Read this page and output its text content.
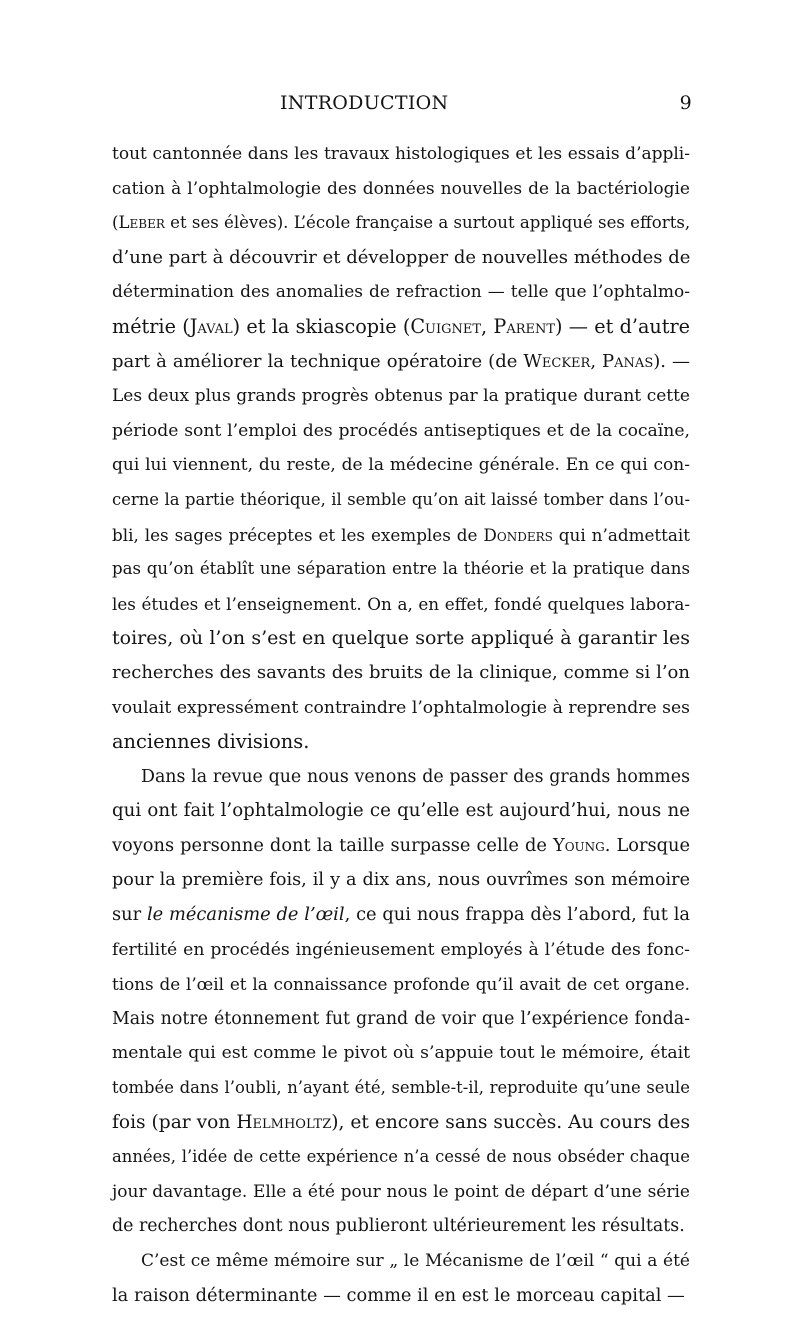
INTRODUCTION	9
tout cantonnée dans les travaux histologiques et les essais d’appli-
cation à l’ophtalmologie des données nouvelles de la bactériologie
(Leber et ses élèves). L’école française a surtout appliqué ses efforts,
d’une part à découvrir et développer de nouvelles méthodes de
détermination des anomalies de refraction — telle que l’ophtalmo-
métrie (Javal) et la skiascopie (Cuignet, Parent) — et d’autre
part à améliorer la technique opératoire (de Wecker, Panas). —
Les deux plus grands progrès obtenus par la pratique durant cette
période sont l’emploi des procédés antiseptiques et de la cocaïne,
qui lui viennent, du reste, de la médecine générale. En ce qui con-
cerne la partie théorique, il semble qu’on ait laissé tomber dans l’ou-
bli, les sages préceptes et les exemples de Donders qui n’admettait
pas qu’on établît une séparation entre la théorie et la pratique dans
les études et l’enseignement. On a, en effet, fondé quelques labora-
toires, où l’on s’est en quelque sorte appliqué à garantir les
recherches des savants des bruits de la clinique, comme si l’on
voulait expressément contraindre l’ophtalmologie à reprendre ses
anciennes divisions.
Dans la revue que nous venons de passer des grands hommes
qui ont fait l’ophtalmologie ce qu’elle est aujourd’hui, nous ne
voyons personne dont la taille surpasse celle de Young. Lorsque
pour la première fois, il y a dix ans, nous ouvrîmes son mémoire
sur le mécanisme de l’œil, ce qui nous frappa dès l’abord, fut la
fertilité en procédés ingénieusement employés à l’étude des fonc-
tions de l’œil et la connaissance profonde qu’il avait de cet organe.
Mais notre étonnement fut grand de voir que l’expérience fonda-
mentale qui est comme le pivot où s’appuie tout le mémoire, était
tombée dans l’oubli, n’ayant été, semble-t-il, reproduite qu’une seule
fois (par von Helmholtz), et encore sans succès. Au cours des
années, l’idée de cette expérience n’a cessé de nous obséder chaque
jour davantage. Elle a été pour nous le point de départ d’une série
de recherches dont nous publieront ultérieurement les résultats.
C’est ce même mémoire sur „ le Mécanisme de l’œil “ qui a été
la raison déterminante — comme il en est le morceau capital —
